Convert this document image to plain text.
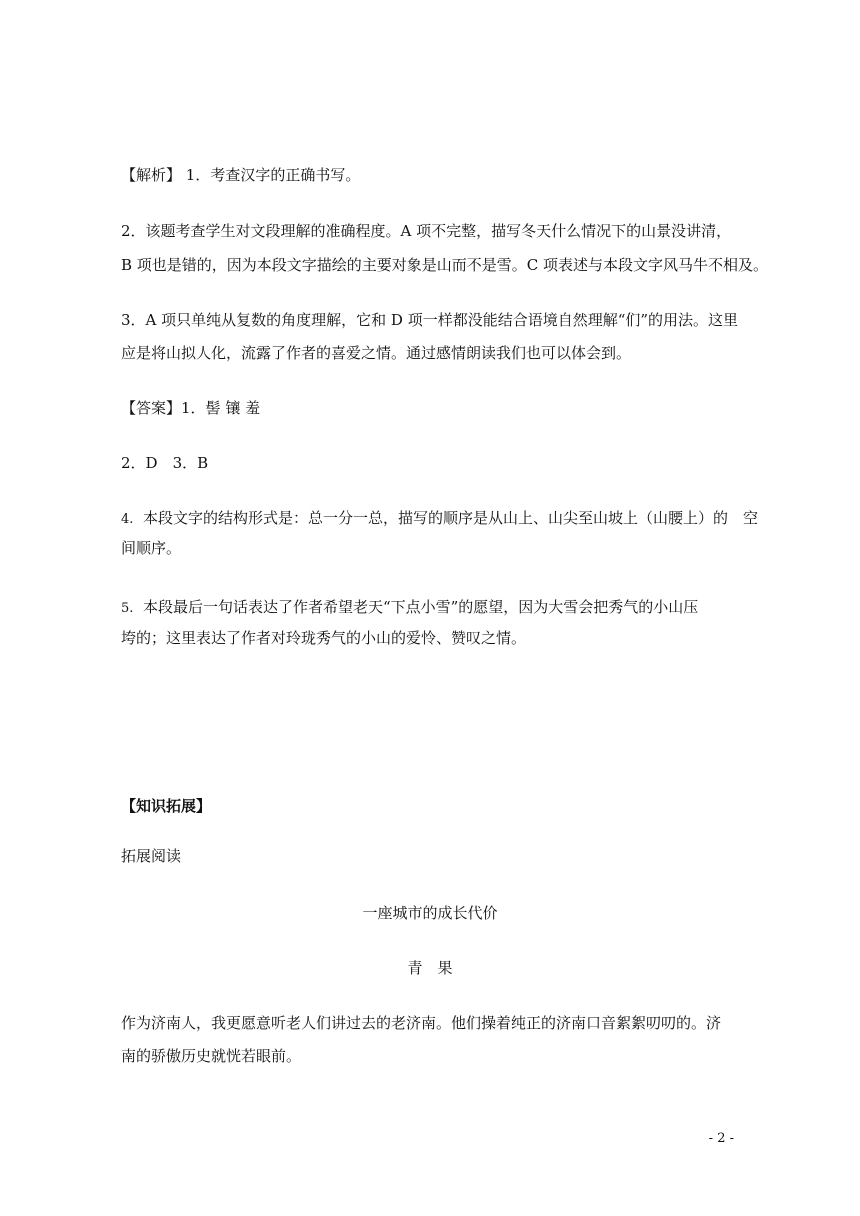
【解析】 1．考查汉字的正确书写。
2．该题考查学生对文段理解的准确程度。A 项不完整，描写冬天什么情况下的山景没讲清，
B 项也是错的，因为本段文字描绘的主要对象是山而不是雪。C 项表述与本段文字风马牛不相及。
3．A 项只单纯从复数的角度理解，它和 D 项一样都没能结合语境自然理解“们”的用法。这里
应是将山拟人化，流露了作者的喜爱之情。通过感情朗读我们也可以体会到。
【答案】1．髻 镶 羞
2．D　3．B
4. 本段文字的结构形式是：总一分一总，描写的顺序是从山上、山尖至山坡上（山腰上）的　空
间顺序。
5. 本段最后一句话表达了作者希望老天“下点小雪”的愿望，因为大雪会把秀气的小山压
垮的；这里表达了作者对玲珑秀气的小山的爱怜、赞叹之情。
【知识拓展】
拓展阅读
一座城市的成长代价
青　果
作为济南人，我更愿意听老人们讲过去的老济南。他们操着纯正的济南口音絮絮叨叨的。济
南的骄傲历史就恍若眼前。
- 2 -
